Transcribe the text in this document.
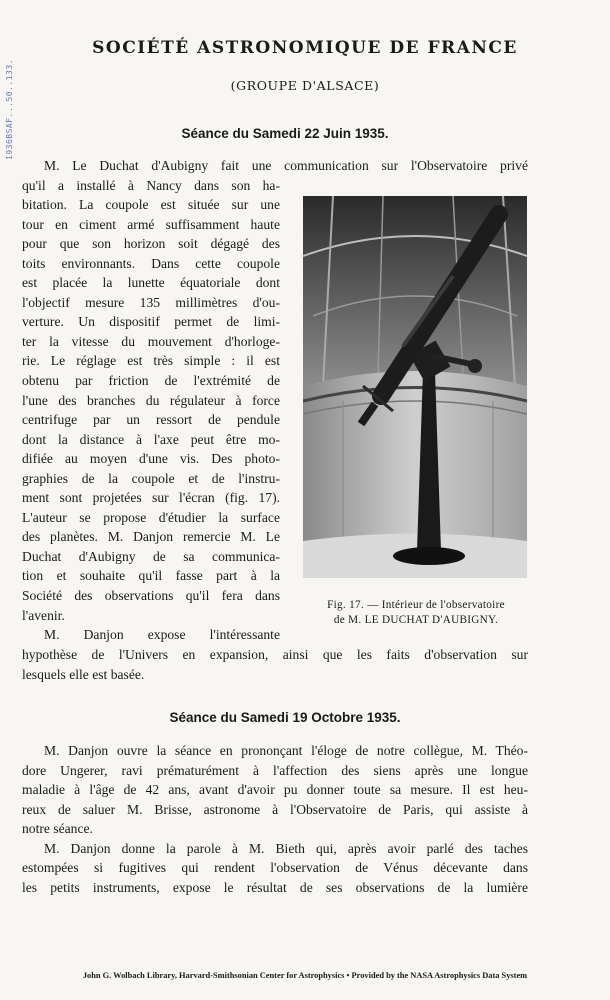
1936BSAF...50..133.
SOCIÉTÉ ASTRONOMIQUE DE FRANCE
(GROUPE D'ALSACE)
Séance du Samedi 22 Juin 1935.
M. Le Duchat d'Aubigny fait une communication sur l'Observatoire privé
qu'il a installé à Nancy dans son ha-
bitation. La coupole est située sur une
tour en ciment armé suffisamment haute
pour que son horizon soit dégagé des
toits environnants. Dans cette coupole
est placée la lunette équatoriale dont
l'objectif mesure 135 millimètres d'ou-
verture. Un dispositif permet de limi-
ter la vitesse du mouvement d'horloge-
rie. Le réglage est très simple : il est
obtenu par friction de l'extrémité de
l'une des branches du régulateur à force
centrifuge par un ressort de pendule
dont la distance à l'axe peut être mo-
difiée au moyen d'une vis. Des photo-
graphies de la coupole et de l'instru-
ment sont projetées sur l'écran (fig. 17).
L'auteur se propose d'étudier la surface
des planètes. M. Danjon remercie M. Le
Duchat d'Aubigny de sa communica-
tion et souhaite qu'il fasse part à la
Société des observations qu'il fera dans
l'avenir.
M. Danjon expose l'intéressante
hypothèse de l'Univers en expansion, ainsi que les faits d'observation sur
lesquels elle est basée.
Fig. 17. — Intérieur de l'observatoire
de M. LE DUCHAT D'AUBIGNY.
Séance du Samedi 19 Octobre 1935.
M. Danjon ouvre la séance en prononçant l'éloge de notre collègue, M. Théo-
dore Ungerer, ravi prématurément à l'affection des siens après une longue
maladie à l'âge de 42 ans, avant d'avoir pu donner toute sa mesure. Il est heu-
reux de saluer M. Brisse, astronome à l'Observatoire de Paris, qui assiste à
notre séance.
M. Danjon donne la parole à M. Bieth qui, après avoir parlé des taches
estompées si fugitives qui rendent l'observation de Vénus décevante dans
les petits instruments, expose le résultat de ses observations de la lumière
John G. Wolbach Library, Harvard-Smithsonian Center for Astrophysics • Provided by the NASA Astrophysics Data System
